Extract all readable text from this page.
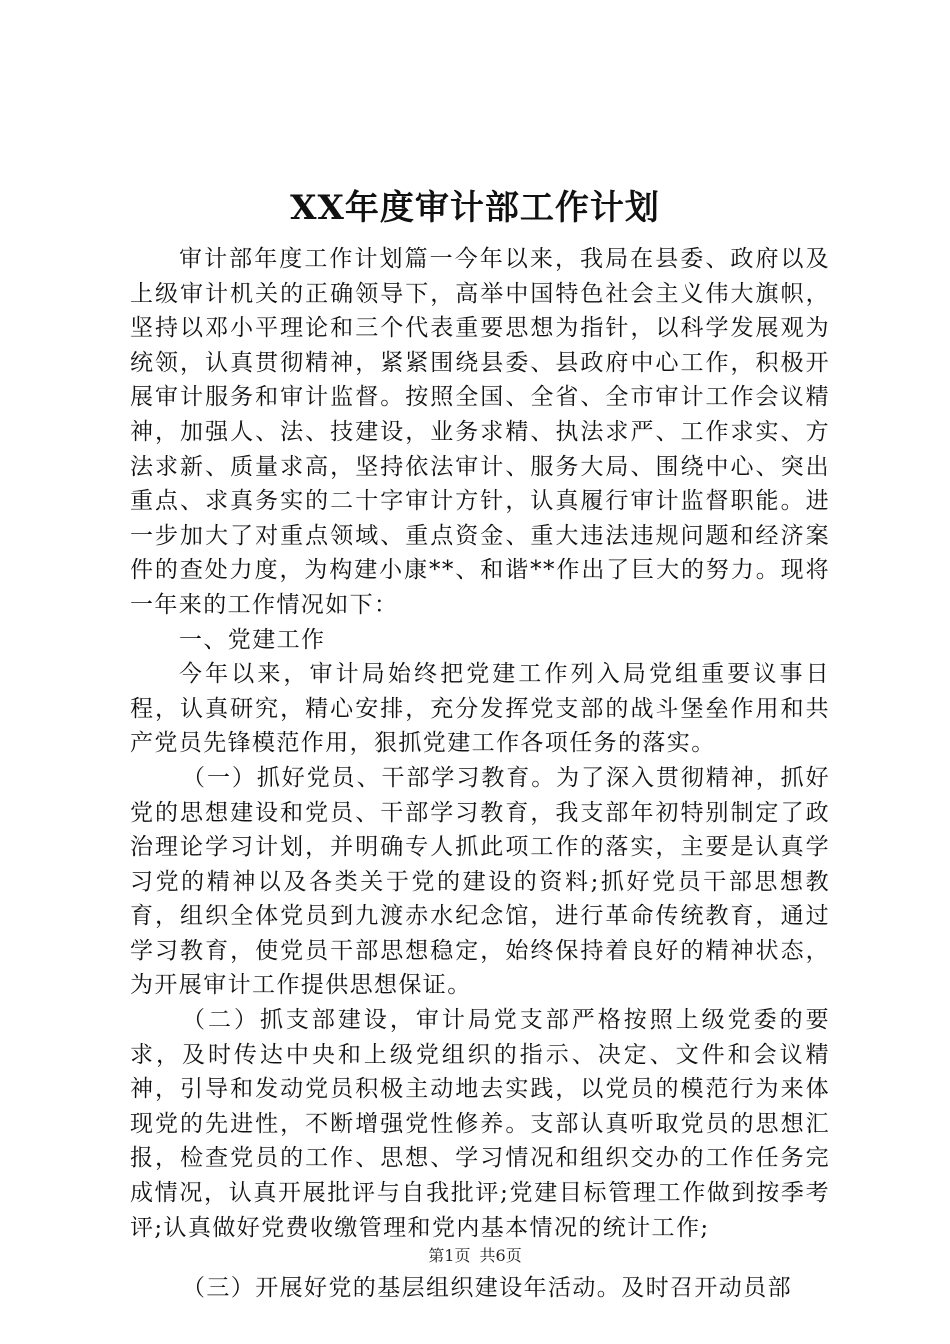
XX年度审计部工作计划

审计部年度工作计划篇一今年以来，我局在县委、政府以及上级审计机关的正确领导下，高举中国特色社会主义伟大旗帜，坚持以邓小平理论和三个代表重要思想为指针，以科学发展观为统领，认真贯彻精神，紧紧围绕县委、县政府中心工作，积极开展审计服务和审计监督。按照全国、全省、全市审计工作会议精神，加强人、法、技建设，业务求精、执法求严、工作求实、方法求新、质量求高，坚持依法审计、服务大局、围绕中心、突出重点、求真务实的二十字审计方针，认真履行审计监督职能。进一步加大了对重点领域、重点资金、重大违法违规问题和经济案件的查处力度，为构建小康**、和谐**作出了巨大的努力。现将一年来的工作情况如下：

一、党建工作

今年以来，审计局始终把党建工作列入局党组重要议事日程，认真研究，精心安排，充分发挥党支部的战斗堡垒作用和共产党员先锋模范作用，狠抓党建工作各项任务的落实。

（一）抓好党员、干部学习教育。为了深入贯彻精神，抓好党的思想建设和党员、干部学习教育，我支部年初特别制定了政治理论学习计划，并明确专人抓此项工作的落实，主要是认真学习党的精神以及各类关于党的建设的资料;抓好党员干部思想教育，组织全体党员到九渡赤水纪念馆，进行革命传统教育，通过学习教育，使党员干部思想稳定，始终保持着良好的精神状态，为开展审计工作提供思想保证。

（二）抓支部建设，审计局党支部严格按照上级党委的要求，及时传达中央和上级党组织的指示、决定、文件和会议精神，引导和发动党员积极主动地去实践，以党员的模范行为来体现党的先进性，不断增强党性修养。支部认真听取党员的思想汇报，检查党员的工作、思想、学习情况和组织交办的工作任务完成情况，认真开展批评与自我批评;党建目标管理工作做到按季考评;认真做好党费收缴管理和党内基本情况的统计工作;

（三）开展好党的基层组织建设年活动。及时召开动员部

第1页 共6页
